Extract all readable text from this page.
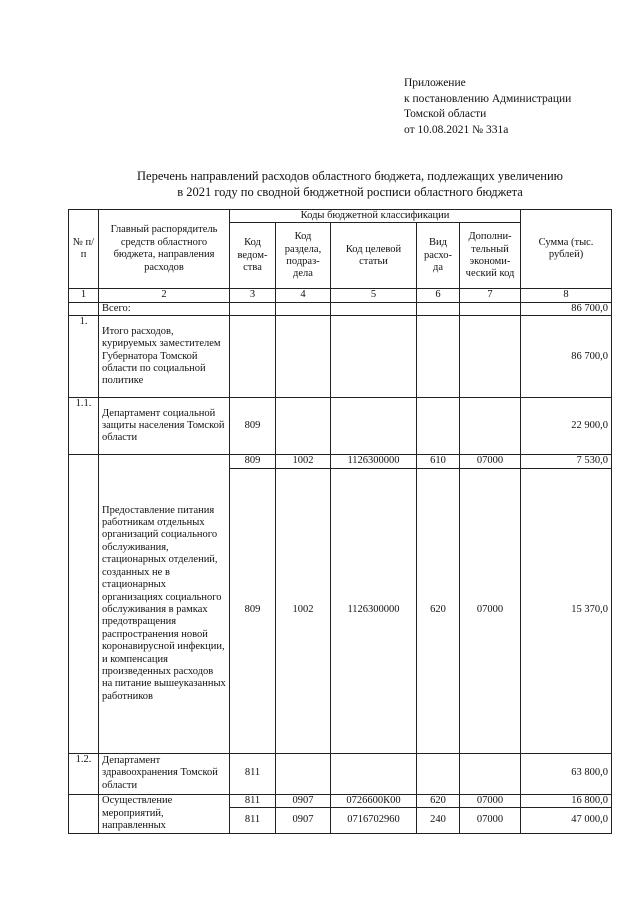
Приложение
к постановлению Администрации
Томской области
от 10.08.2021 № 331а
Перечень направлений расходов областного бюджета, подлежащих увеличению
в 2021 году по сводной бюджетной росписи областного бюджета
№ п/п	Главный распорядитель средств областного бюджета, направления расходов	Коды бюджетной классификации					Сумма (тыс. рублей)
		Код ведом-ства	Код раздела, подраз-дела	Код целевой статьи	Вид расхо-да	Дополни-тельный экономи-ческий код	
1	2	3	4	5	6	7	8
	Всего:						86 700,0
1.	Итого расходов, курируемых заместителем Губернатора Томской области по социальной политике						86 700,0
1.1.	Департамент социальной защиты населения Томской области	809					22 900,0
	Предоставление питания работникам отдельных организаций социального обслуживания, стационарных отделений, созданных не в стационарных организациях социального обслуживания в рамках предотвращения распространения новой коронавирусной инфекции, и компенсация произведенных расходов на питание вышеуказанных работников	809	1002	1126300000	610	07000	7 530,0
		809	1002	1126300000	620	07000	15 370,0
1.2.	Департамент здравоохранения Томской области	811					63 800,0
	Осуществление мероприятий, направленных	811	0907	0726600К00	620	07000	16 800,0
		811	0907	0716702960	240	07000	47 000,0
